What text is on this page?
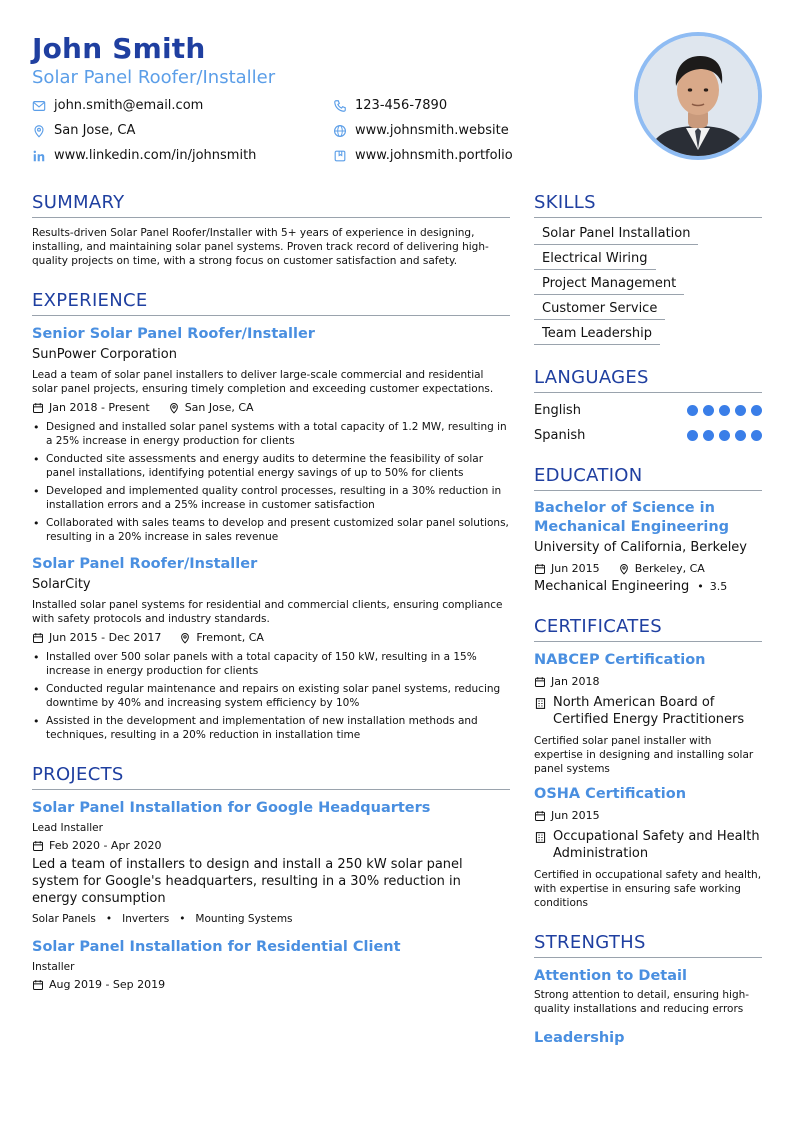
John Smith
Solar Panel Roofer/Installer
john.smith@email.com	123-456-7890
San Jose, CA	www.johnsmith.website
www.linkedin.com/in/johnsmith	www.johnsmith.portfolio
SUMMARY
Results-driven Solar Panel Roofer/Installer with 5+ years of experience in designing, installing, and maintaining solar panel systems. Proven track record of delivering high-quality projects on time, with a strong focus on customer satisfaction and safety.
EXPERIENCE
Senior Solar Panel Roofer/Installer
SunPower Corporation
Lead a team of solar panel installers to deliver large-scale commercial and residential solar panel projects, ensuring timely completion and exceeding customer expectations.
Jan 2018 - Present	San Jose, CA
• Designed and installed solar panel systems with a total capacity of 1.2 MW, resulting in a 25% increase in energy production for clients
• Conducted site assessments and energy audits to determine the feasibility of solar panel installations, identifying potential energy savings of up to 50% for clients
• Developed and implemented quality control processes, resulting in a 30% reduction in installation errors and a 25% increase in customer satisfaction
• Collaborated with sales teams to develop and present customized solar panel solutions, resulting in a 20% increase in sales revenue
Solar Panel Roofer/Installer
SolarCity
Installed solar panel systems for residential and commercial clients, ensuring compliance with safety protocols and industry standards.
Jun 2015 - Dec 2017	Fremont, CA
• Installed over 500 solar panels with a total capacity of 150 kW, resulting in a 15% increase in energy production for clients
• Conducted regular maintenance and repairs on existing solar panel systems, reducing downtime by 40% and increasing system efficiency by 10%
• Assisted in the development and implementation of new installation methods and techniques, resulting in a 20% reduction in installation time
PROJECTS
Solar Panel Installation for Google Headquarters
Lead Installer
Feb 2020 - Apr 2020
Led a team of installers to design and install a 250 kW solar panel system for Google's headquarters, resulting in a 30% reduction in energy consumption
Solar Panels • Inverters • Mounting Systems
Solar Panel Installation for Residential Client
Installer
Aug 2019 - Sep 2019
SKILLS
Solar Panel Installation
Electrical Wiring
Project Management
Customer Service
Team Leadership
LANGUAGES
English
Spanish
EDUCATION
Bachelor of Science in Mechanical Engineering
University of California, Berkeley
Jun 2015	Berkeley, CA
Mechanical Engineering • 3.5
CERTIFICATES
NABCEP Certification
Jan 2018
North American Board of Certified Energy Practitioners
Certified solar panel installer with expertise in designing and installing solar panel systems
OSHA Certification
Jun 2015
Occupational Safety and Health Administration
Certified in occupational safety and health, with expertise in ensuring safe working conditions
STRENGTHS
Attention to Detail
Strong attention to detail, ensuring high-quality installations and reducing errors
Leadership
